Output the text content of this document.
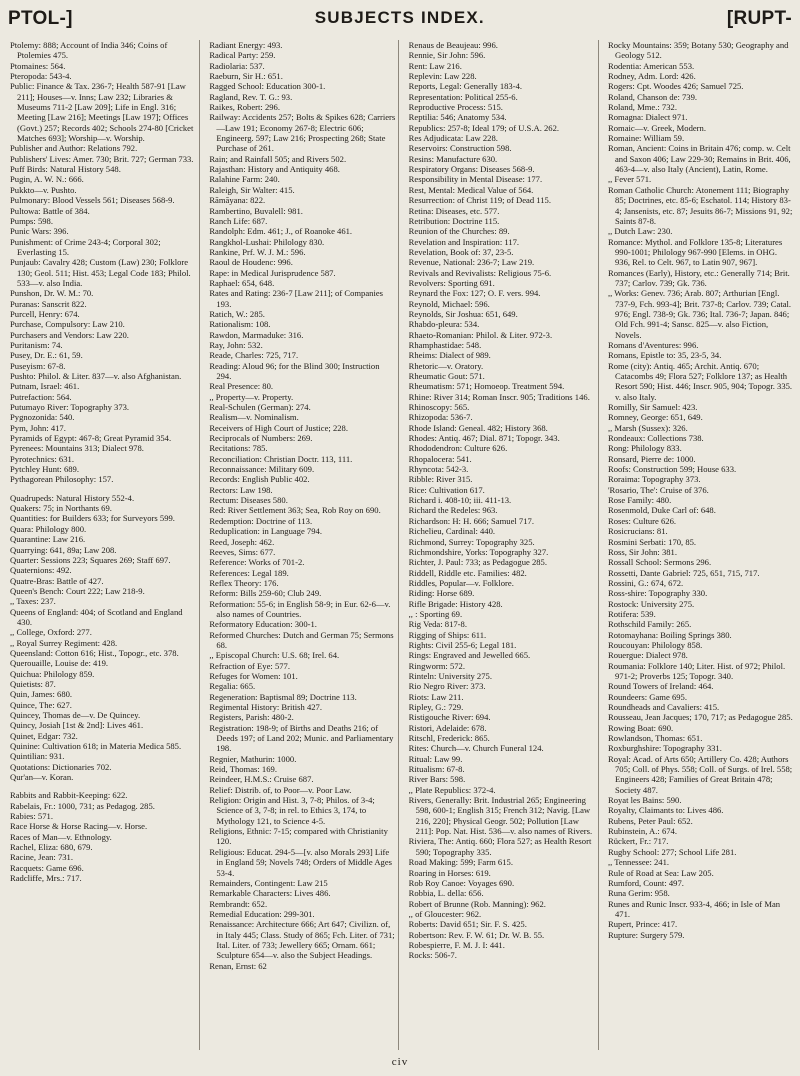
PTOL-]	SUBJECTS INDEX.	[RUPT-

Ptolemy: 888; Account of India 346; Coins of Ptolemies 475.

Ptomaines: 564.

Pteropoda: 543-4.

Public: Finance & Tax. 236-7; Health 587-91 [Law 211]; Houses—v. Inns; Law 232; Libraries & Museums 711-2 [Law 209]; Life in Engl. 316; Meeting [Law 216]; Meetings [Law 197]; Offices (Govt.) 257; Records 402; Schools 274-80 [Cricket Matches 693]; Worship—v. Worship.

Publisher and Author: Relations 792.

Publishers' Lives: Amer. 730; Brit. 727; German 733.

Puff Birds: Natural History 548.

Pugin, A. W. N.: 666.

Pukkto—v. Pushto.

Pulmonary: Blood Vessels 561; Diseases 568-9.

Pultowa: Battle of 384.

Pumps: 598.

Punic Wars: 396.

Punishment: of Crime 243-4; Corporal 302; Everlasting 15.

Punjaub: Cavalry 428; Custom (Law) 230; Folklore 130; Geol. 511; Hist. 453; Legal Code 183; Philol. 533—v. also India.

Punshon, Dr. W. M.: 70.

Puranas: Sanscrit 822.

Purcell, Henry: 674.

Purchase, Compulsory: Law 210.

Purchasers and Vendors: Law 220.

Puritanism: 74.

Pusey, Dr. E.: 61, 59.

Puseyism: 67-8.

Pushto: Philol. & Liter. 837—v. also Afghanistan.

Putnam, Israel: 461.

Putrefaction: 564.

Putumayo River: Topography 373.

Pygnozonida: 540.

Pym, John: 417.

Pyramids of Egypt: 467-8; Great Pyramid 354.

Pyrenees: Mountains 313; Dialect 978.

Pyrotechnics: 631.

Pytchley Hunt: 689.

Pythagorean Philosophy: 157.

Quadrupeds: Natural History 552-4.

Quakers: 75; in Northants 69.

Quantities: for Builders 633; for Surveyors 599.

Quara: Philology 800.

Quarantine: Law 216.

Quarrying: 641, 89a; Law 208.

Quarter: Sessions 223; Squares 269; Staff 697.

Quaternions: 492.

Quatre-Bras: Battle of 427.

Queen's Bench: Court 222; Law 218-9.

,, Taxes: 237.

Queens of England: 404; of Scotland and England 430.

,, College, Oxford: 277.

,, Royal Surrey Regiment: 428.

Queensland: Cotton 616; Hist., Topogr., etc. 378.

Querouaille, Louise de: 419.

Quichua: Philology 859.

Quietists: 87.

Quin, James: 680.

Quince, The: 627.

Quincey, Thomas de—v. De Quincey.

Quincy, Josiah [1st & 2nd]: Lives 461.

Quinet, Edgar: 732.

Quinine: Cultivation 618; in Materia Medica 585.

Quintilian: 931.

Quotations: Dictionaries 702.

Qur'an—v. Koran.

Rabbits and Rabbit-Keeping: 622.

Rabelais, Fr.: 1000, 731; as Pedagog. 285.

Rabies: 571.

Race Horse & Horse Racing—v. Horse.

Races of Man—v. Ethnology.

Rachel, Eliza: 680, 679.

Racine, Jean: 731.

Racquets: Game 696.

Radcliffe, Mrs.: 717.

Radiant Energy: 493.

Radical Party: 259.

Radiolaria: 537.

Raeburn, Sir H.: 651.

Ragged School: Education 300-1.

Ragland, Rev. T. G.: 93.

Raikes, Robert: 296.

Railway: Accidents 257; Bolts & Spikes 628; Carriers—Law 191; Economy 267-8; Electric 606; Engineerg. 597; Law 216; Prospecting 268; State Purchase of 261.

Rain; and Rainfall 505; and Rivers 502.

Rajasthan: History and Antiquity 468.

Ralahine Farm: 240.

Raleigh, Sir Walter: 415.

Rāmāyana: 822.

Rambertino, Buvalell: 981.

Ranch Life: 687.

Randolph: Edm. 461; J., of Roanoke 461.

Rangkhol-Lushai: Philology 830.

Rankine, Prf. W. J. M.: 596.

Raoul de Houdenc: 996.

Rape: in Medical Jurisprudence 587.

Raphael: 654, 648.

Rates and Rating: 236-7 [Law 211]; of Companies 193.

Ratich, W.: 285.

Rationalism: 108.

Rawdon, Marmaduke: 316.

Ray, John: 532.

Reade, Charles: 725, 717.

Reading: Aloud 96; for the Blind 300; Instruction 294.

Real Presence: 80.

,, Property—v. Property.

Real-Schulen (German): 274.

Realism—v. Nominalism.

Receivers of High Court of Justice; 228.

Reciprocals of Numbers: 269.

Recitations: 785.

Reconciliation: Christian Doctr. 113, 111.

Reconnaissance: Military 609.

Records: English Public 402.

Rectors: Law 198.

Rectum: Diseases 580.

Red: River Settlement 363; Sea, Rob Roy on 690.

Redemption: Doctrine of 113.

Reduplication: in Language 794.

Reed, Joseph: 462.

Reeves, Sims: 677.

Reference: Works of 701-2.

References: Legal 189.

Reflex Theory: 176.

Reform: Bills 259-60; Club 249.

Reformation: 55-6; in English 58-9; in Eur. 62-6—v. also names of Countries.

Reformatory Education: 300-1.

Reformed Churches: Dutch and German 75; Sermons 68.

,, Episcopal Church: U.S. 68; Irel. 64.

Refraction of Eye: 577.

Refuges for Women: 101.

Regalia: 665.

Regeneration: Baptismal 89; Doctrine 113.

Regimental History: British 427.

Registers, Parish: 480-2.

Registration: 198-9; of Births and Deaths 216; of Deeds 197; of Land 202; Munic. and Parliamentary 198.

Regnier, Mathurin: 1000.

Reid, Thomas: 169.

Reindeer, H.M.S.: Cruise 687.

Relief: Distrib. of, to Poor—v. Poor Law.

Religion: Origin and Hist. 3, 7-8; Philos. of 3-4; Science of 3, 7-8; in rel. to Ethics 3, 174, to Mythology 121, to Science 4-5.

Religions, Ethnic: 7-15; compared with Christianity 120.

Religious: Educat. 294-5—[v. also Morals 293] Life in England 59; Novels 748; Orders of Middle Ages 53-4.

Remainders, Contingent: Law 215

Remarkable Characters: Lives 486.

Rembrandt: 652.

Remedial Education: 299-301.

Renaissance: Architecture 666; Art 647; Civilizn. of, in Italy 445; Class. Study of 865; Fch. Liter. of 731; Ital. Liter. of 733; Jewellery 665; Ornam. 661; Sculpture 654—v. also the Subject Headings.

Renan, Ernst: 62

Renaus de Beaujeau: 996.

Rennie, Sir John: 596.

Rent: Law 216.

Replevin: Law 228.

Reports, Legal: Generally 183-4.

Representation: Political 255-6.

Reproductive Process: 515.

Reptilia: 546; Anatomy 534.

Republics: 257-8; Ideal 179; of U.S.A. 262.

Res Adjudicata: Law 228.

Reservoirs: Construction 598.

Resins: Manufacture 630.

Respiratory Organs: Diseases 568-9.

Responsibility in Mental Disease: 177.

Rest, Mental: Medical Value of 564.

Resurrection: of Christ 119; of Dead 115.

Retina: Diseases, etc. 577.

Retribution: Doctrine 115.

Reunion of the Churches: 89.

Revelation and Inspiration: 117.

Revelation, Book of: 37, 23-5.

Revenue, National: 236-7; Law 219.

Revivals and Revivalists: Religious 75-6.

Revolvers: Sporting 691.

Reynard the Fox: 127; O. F. vers. 994.

Reynold, Michael: 596.

Reynolds, Sir Joshua: 651, 649.

Rhabdo-pleura: 534.

Rhaeto-Romanian: Philol. & Liter. 972-3.

Rhamphastidae: 548.

Rheims: Dialect of 989.

Rhetoric—v. Oratory.

Rheumatic Gout: 571.

Rheumatism: 571; Homoeop. Treatment 594.

Rhine: River 314; Roman Inscr. 905; Traditions 146.

Rhinoscopy: 565.

Rhizopoda: 536-7.

Rhode Island: Geneal. 482; History 368.

Rhodes: Antiq. 467; Dial. 871; Topogr. 343.

Rhododendron: Culture 626.

Rhopalocera: 541.

Rhyncota: 542-3.

Ribble: River 315.

Rice: Cultivation 617.

Richard i. 408-10; iii. 411-13.

Richard the Redeles: 963.

Richardson: H: H. 666; Samuel 717.

Richelieu, Cardinal: 440.

Richmond, Surrey: Topography 325.

Richmondshire, Yorks: Topography 327.

Richter, J. Paul: 733; as Pedagogue 285.

Riddell, Riddle etc. Families: 482.

Riddles, Popular—v. Folklore.

Riding: Horse 689.

Rifle Brigade: History 428.

,, : Sporting 69.

Rig Veda: 817-8.

Rigging of Ships: 611.

Rights: Civil 255-6; Legal 181.

Rings: Engraved and Jewelled 665.

Ringworm: 572.

Rinteln: University 275.

Rio Negro River: 373.

Riots: Law 211.

Ripley, G.: 729.

Ristigouche River: 694.

Ristori, Adelaide: 678.

Ritschl, Frederick: 865.

Rites: Church—v. Church Funeral 124.

Ritual: Law 99.

Ritualism: 67-8.

River Bars: 598.

,, Plate Republics: 372-4.

Rivers, Generally: Brit. Industrial 265; Engineering 598, 600-1; English 315; French 312; Navig. [Law 216, 220]; Physical Geogr. 502; Pollution [Law 211]: Pop. Nat. Hist. 536—v. also names of Rivers.

Riviera, The: Antiq. 660; Flora 527; as Health Resort 590; Topography 335.

Road Making: 599; Farm 615.

Roaring in Horses: 619.

Rob Roy Canoe: Voyages 690.

Robbia, L. della: 656.

Robert of Brunne (Rob. Manning): 962.

,, of Gloucester: 962.

Roberts: David 651; Sir. F. S. 425.

Robertson: Rev. F. W. 61; Dr. W. B. 55.

Robespierre, F. M. J. I: 441.

Rocks: 506-7.

Rocky Mountains: 359; Botany 530; Geography and Geology 512.

Rodentia: American 553.

Rodney, Adm. Lord: 426.

Rogers: Cpt. Woodes 426; Samuel 725.

Roland, Chanson de: 739.

Roland, Mme.: 732.

Romagna: Dialect 971.

Romaic—v. Greek, Modern.

Romaine: William 59.

Roman, Ancient: Coins in Britain 476; comp. w. Celt and Saxon 406; Law 229-30; Remains in Brit. 406, 463-4—v. also Italy (Ancient), Latin, Rome.

,, Fever 571.

Roman Catholic Church: Atonement 111; Biography 85; Doctrines, etc. 85-6; Eschatol. 114; History 83-4; Jansenists, etc. 87; Jesuits 86-7; Missions 91, 92; Saints 87-8.

,, Dutch Law: 230.

Romance: Mythol. and Folklore 135-8; Literatures 990-1001; Philology 967-990 [Elems. in OHG. 936, Rel. to Celt. 967, to Latin 907, 967].

Romances (Early), History, etc.: Generally 714; Brit. 737; Carlov. 739; Gk. 736.

,, Works: Genev. 736; Arab. 807; Arthurian [Engl. 737-9, Fch. 993-4]; Brit. 737-8; Carlov. 739; Catal. 976; Engl. 738-9; Gk. 736; Ital. 736-7; Japan. 846; Old Fch. 991-4; Sansc. 825—v. also Fiction, Novels.

Romans d'Aventures: 996.

Romans, Epistle to: 35, 23-5, 34.

Rome (city): Antiq. 465; Archit. Antiq. 670; Catacombs 49; Flora 527; Folklore 137; as Health Resort 590; Hist. 446; Inscr. 905, 904; Topogr. 335. v. also Italy.

Romilly, Sir Samuel: 423.

Romney, George: 651, 649.

,, Marsh (Sussex): 326.

Rondeaux: Collections 738.

Rong: Philology 833.

Ronsard, Pierre de: 1000.

Roofs: Construction 599; House 633.

Roraima: Topography 373.

'Rosario, The': Cruise of 376.

Rose Family: 480.

Rosenmold, Duke Carl of: 648.

Roses: Culture 626.

Rosicrucians: 81.

Rosmini Serbati: 170, 85.

Ross, Sir John: 381.

Rossall School: Sermons 296.

Rossetti, Dante Gabriel: 725, 651, 715, 717.

Rossini, G.: 674, 672.

Ross-shire: Topography 330.

Rostock: University 275.

Rotifera: 539.

Rothschild Family: 265.

Rotomayhana: Boiling Springs 380.

Roucouyan: Philology 858.

Rouergue: Dialect 978.

Roumania: Folklore 140; Liter. Hist. of 972; Philol. 971-2; Proverbs 125; Topogr. 340.

Round Towers of Ireland: 464.

Roundeers: Game 695.

Roundheads and Cavaliers: 415.

Rousseau, Jean Jacques; 170, 717; as Pedagogue 285.

Rowing Boat: 690.

Rowlandson, Thomas: 651.

Roxburghshire: Topography 331.

Royal: Acad. of Arts 650; Artillery Co. 428; Authors 705; Coll. of Phys. 558; Coll. of Surgs. of Irel. 558; Engineers 428; Families of Great Britain 478; Society 487.

Royat les Bains: 590.

Royalty, Claimants to: Lives 486.

Rubens, Peter Paul: 652.

Rubinstein, A.: 674.

Rückert, Fr.: 717.

Rugby School: 277; School Life 281.

,, Tennessee: 241.

Rule of Road at Sea: Law 205.

Rumford, Count: 497.

Runa Gerim: 958.

Runes and Runic Inscr. 933-4, 466; in Isle of Man 471.

Rupert, Prince: 417.

Rupture: Surgery 579.

civ
